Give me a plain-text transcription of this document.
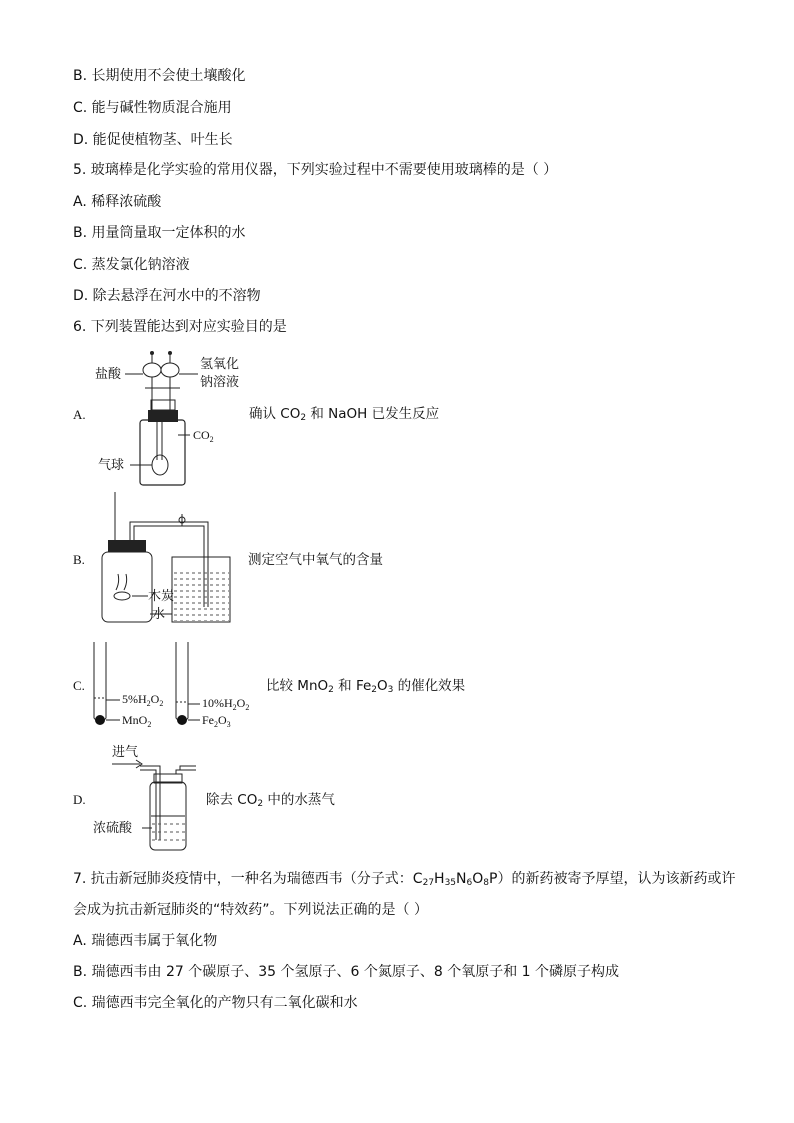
B. 长期使用不会使土壤酸化
C. 能与碱性物质混合施用
D. 能促使植物茎、叶生长
5. 玻璃棒是化学实验的常用仪器，下列实验过程中不需要使用玻璃棒的是（ ）
A. 稀释浓硫酸
B. 用量筒量取一定体积的水
C. 蒸发氯化钠溶液
D. 除去悬浮在河水中的不溶物
6. 下列装置能达到对应实验目的是
A.	确认 $CO_2$ 和 NaOH 已发生反应
盐酸
氢氧化
钠溶液
$CO_2$
气球
B.	测定空气中氧气的含量
木炭
水
C.	比较 MnO$_2$ 和 $Fe_2O_3$ 的催化效果
$5\%H_2O_2$
MnO$_2$
$10\%H_2O_2$
$Fe_2O_3$
D.	除去 $CO_2$ 中的水蒸气
进气
浓硫酸
7. 抗击新冠肺炎疫情中，一种名为瑞德西韦（分子式：$C_{27}H_{35}N_6O_8P$）的新药被寄予厚望，认为该新药或许
会成为抗击新冠肺炎的“特效药”。下列说法正确的是（ ）
A. 瑞德西韦属于氧化物
B. 瑞德西韦由 27 个碳原子、35 个氢原子、6 个氮原子、8 个氧原子和 1 个磷原子构成
C. 瑞德西韦完全氧化的产物只有二氧化碳和水
